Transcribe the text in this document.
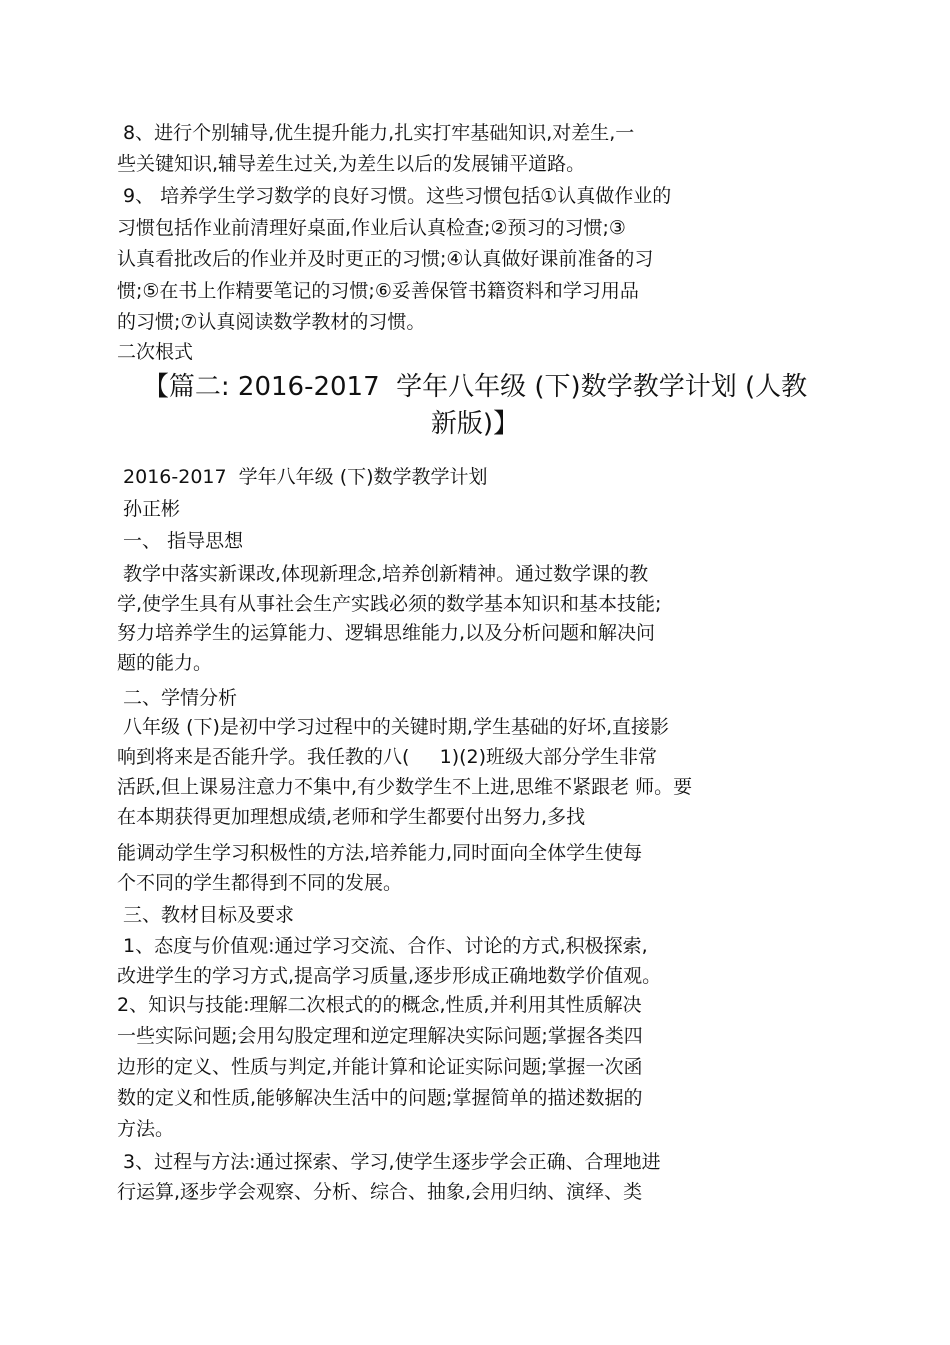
8、进行个别辅导,优生提升能力,扎实打牢基础知识,对差生,一
些关键知识,辅导差生过关,为差生以后的发展铺平道路。
9、 培养学生学习数学的良好习惯。这些习惯包括①认真做作业的
习惯包括作业前清理好桌面,作业后认真检查;②预习的习惯;③
认真看批改后的作业并及时更正的习惯;④认真做好课前准备的习
惯;⑤在书上作精要笔记的习惯;⑥妥善保管书籍资料和学习用品
的习惯;⑦认真阅读数学教材的习惯。
二次根式
【篇二: 2016-2017  学年八年级 (下)数学教学计划 (人教
新版)】
2016-2017  学年八年级 (下)数学教学计划
孙正彬
一、 指导思想
教学中落实新课改,体现新理念,培养创新精神。通过数学课的教
学,使学生具有从事社会生产实践必须的数学基本知识和基本技能;
努力培养学生的运算能力、逻辑思维能力,以及分析问题和解决问
题的能力。
二、学情分析
八年级 (下)是初中学习过程中的关键时期,学生基础的好坏,直接影
响到将来是否能升学。我任教的八(     1)(2)班级大部分学生非常
活跃,但上课易注意力不集中,有少数学生不上进,思维不紧跟老 师。要
在本期获得更加理想成绩,老师和学生都要付出努力,多找
能调动学生学习积极性的方法,培养能力,同时面向全体学生使每
个不同的学生都得到不同的发展。
三、教材目标及要求
1、态度与价值观:通过学习交流、合作、讨论的方式,积极探索,
改进学生的学习方式,提高学习质量,逐步形成正确地数学价值观。
2、知识与技能:理解二次根式的的概念,性质,并利用其性质解决
一些实际问题;会用勾股定理和逆定理解决实际问题;掌握各类四
边形的定义、性质与判定,并能计算和论证实际问题;掌握一次函
数的定义和性质,能够解决生活中的问题;掌握简单的描述数据的
方法。
3、过程与方法:通过探索、学习,使学生逐步学会正确、合理地进
行运算,逐步学会观察、分析、综合、抽象,会用归纳、演绎、类
